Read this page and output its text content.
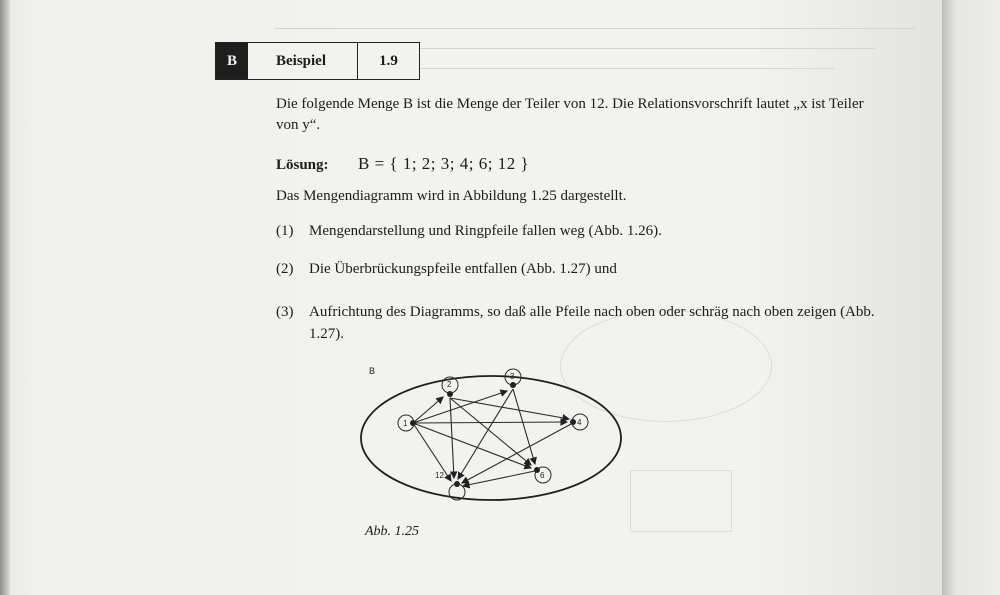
B	Beispiel	1.9
Die folgende Menge B ist die Menge der Teiler von 12. Die Relationsvorschrift lautet „x ist Teiler
von y“.
Lösung: B = { 1; 2; 3; 4; 6; 12 }
Das Mengendiagramm wird in Abbildung 1.25 dargestellt.
(1) Mengendarstellung und Ringpfeile fallen weg (Abb. 1.26).
(2) Die Überbrückungspfeile entfallen (Abb. 1.27) und
(3) Aufrichtung des Diagramms, so daß alle Pfeile nach oben oder schräg nach oben zeigen (Abb.
1.27).
B
1
2
3
4
6
12
Abb. 1.25
